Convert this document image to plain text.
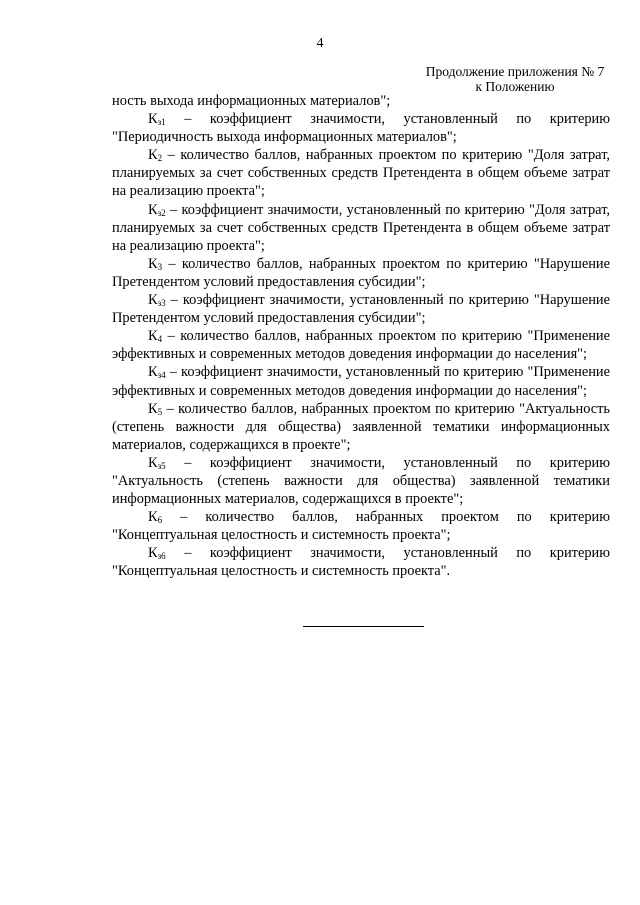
4
Продолжение приложения № 7
к Положению

ность выхода информационных материалов";

$К_{з1}$ – коэффициент значимости, установленный по критерию "Периодичность выхода информационных материалов";

$К_2$ – количество баллов, набранных проектом по критерию "Доля затрат, планируемых за счет собственных средств Претендента в общем объеме затрат на реализацию проекта";

$К_{з2}$ – коэффициент значимости, установленный по критерию "Доля затрат, планируемых за счет собственных средств Претендента в общем объеме затрат на реализацию проекта";

$К_3$ – количество баллов, набранных проектом по критерию "Нарушение Претендентом условий предоставления субсидии";

$К_{з3}$ – коэффициент значимости, установленный по критерию "Нарушение Претендентом условий предоставления субсидии";

$К_4$ – количество баллов, набранных проектом по критерию "Применение эффективных и современных методов доведения информации до населения";

$К_{з4}$ – коэффициент значимости, установленный по критерию "Применение эффективных и современных методов доведения информации до населения";

$К_5$ – количество баллов, набранных проектом по критерию "Актуальность (степень важности для общества) заявленной тематики информационных материалов, содержащихся в проекте";

$К_{з5}$ – коэффициент значимости, установленный по критерию "Актуальность (степень важности для общества) заявленной тематики информационных материалов, содержащихся в проекте";

$К_6$ – количество баллов, набранных проектом по критерию "Концептуальная целостность и системность проекта";

$К_{з6}$ – коэффициент значимости, установленный по критерию "Концептуальная целостность и системность проекта".
